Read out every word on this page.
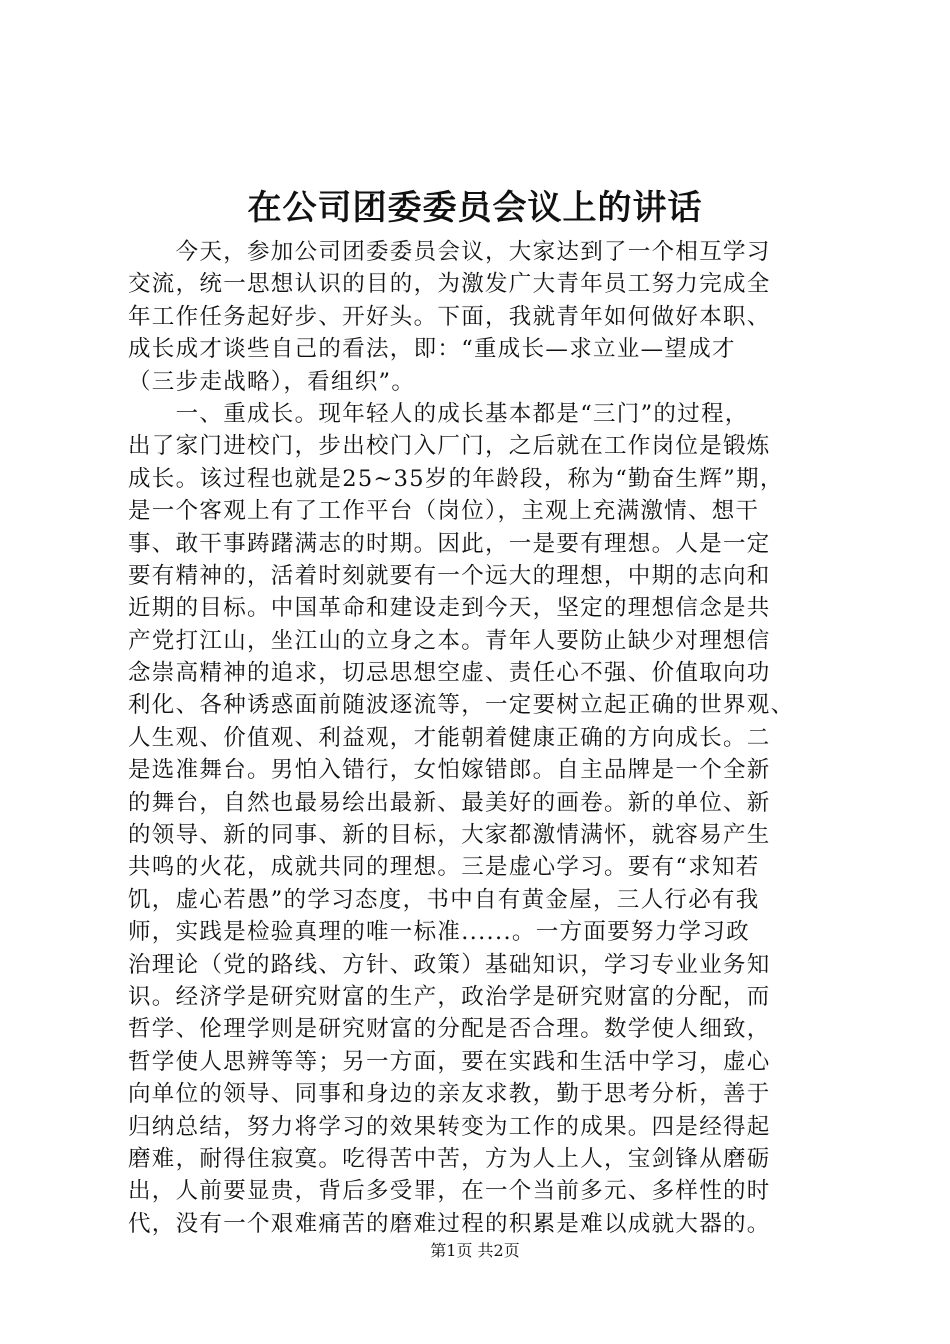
在公司团委委员会议上的讲话
　　今天，参加公司团委委员会议，大家达到了一个相互学习
交流，统一思想认识的目的，为激发广大青年员工努力完成全
年工作任务起好步、开好头。下面，我就青年如何做好本职、
成长成才谈些自己的看法，即：“重成长—求立业—望成才
（三步走战略），看组织”。
　　一、重成长。现年轻人的成长基本都是“三门”的过程，
出了家门进校门，步出校门入厂门，之后就在工作岗位是锻炼
成长。该过程也就是25~35岁的年龄段，称为“勤奋生辉”期，
是一个客观上有了工作平台（岗位），主观上充满激情、想干
事、敢干事踌躇满志的时期。因此，一是要有理想。人是一定
要有精神的，活着时刻就要有一个远大的理想，中期的志向和
近期的目标。中国革命和建设走到今天，坚定的理想信念是共
产党打江山，坐江山的立身之本。青年人要防止缺少对理想信
念崇高精神的追求，切忌思想空虚、责任心不强、价值取向功
利化、各种诱惑面前随波逐流等，一定要树立起正确的世界观、
人生观、价值观、利益观，才能朝着健康正确的方向成长。二
是选准舞台。男怕入错行，女怕嫁错郎。自主品牌是一个全新
的舞台，自然也最易绘出最新、最美好的画卷。新的单位、新
的领导、新的同事、新的目标，大家都激情满怀，就容易产生
共鸣的火花，成就共同的理想。三是虚心学习。要有“求知若
饥，虚心若愚”的学习态度，书中自有黄金屋，三人行必有我
师，实践是检验真理的唯一标准......。一方面要努力学习政
治理论（党的路线、方针、政策）基础知识，学习专业业务知
识。经济学是研究财富的生产，政治学是研究财富的分配，而
哲学、伦理学则是研究财富的分配是否合理。数学使人细致，
哲学使人思辨等等；另一方面，要在实践和生活中学习，虚心
向单位的领导、同事和身边的亲友求教，勤于思考分析，善于
归纳总结，努力将学习的效果转变为工作的成果。四是经得起
磨难，耐得住寂寞。吃得苦中苦，方为人上人，宝剑锋从磨砺
出，人前要显贵，背后多受罪，在一个当前多元、多样性的时
代，没有一个艰难痛苦的磨难过程的积累是难以成就大器的。
第1页 共2页
